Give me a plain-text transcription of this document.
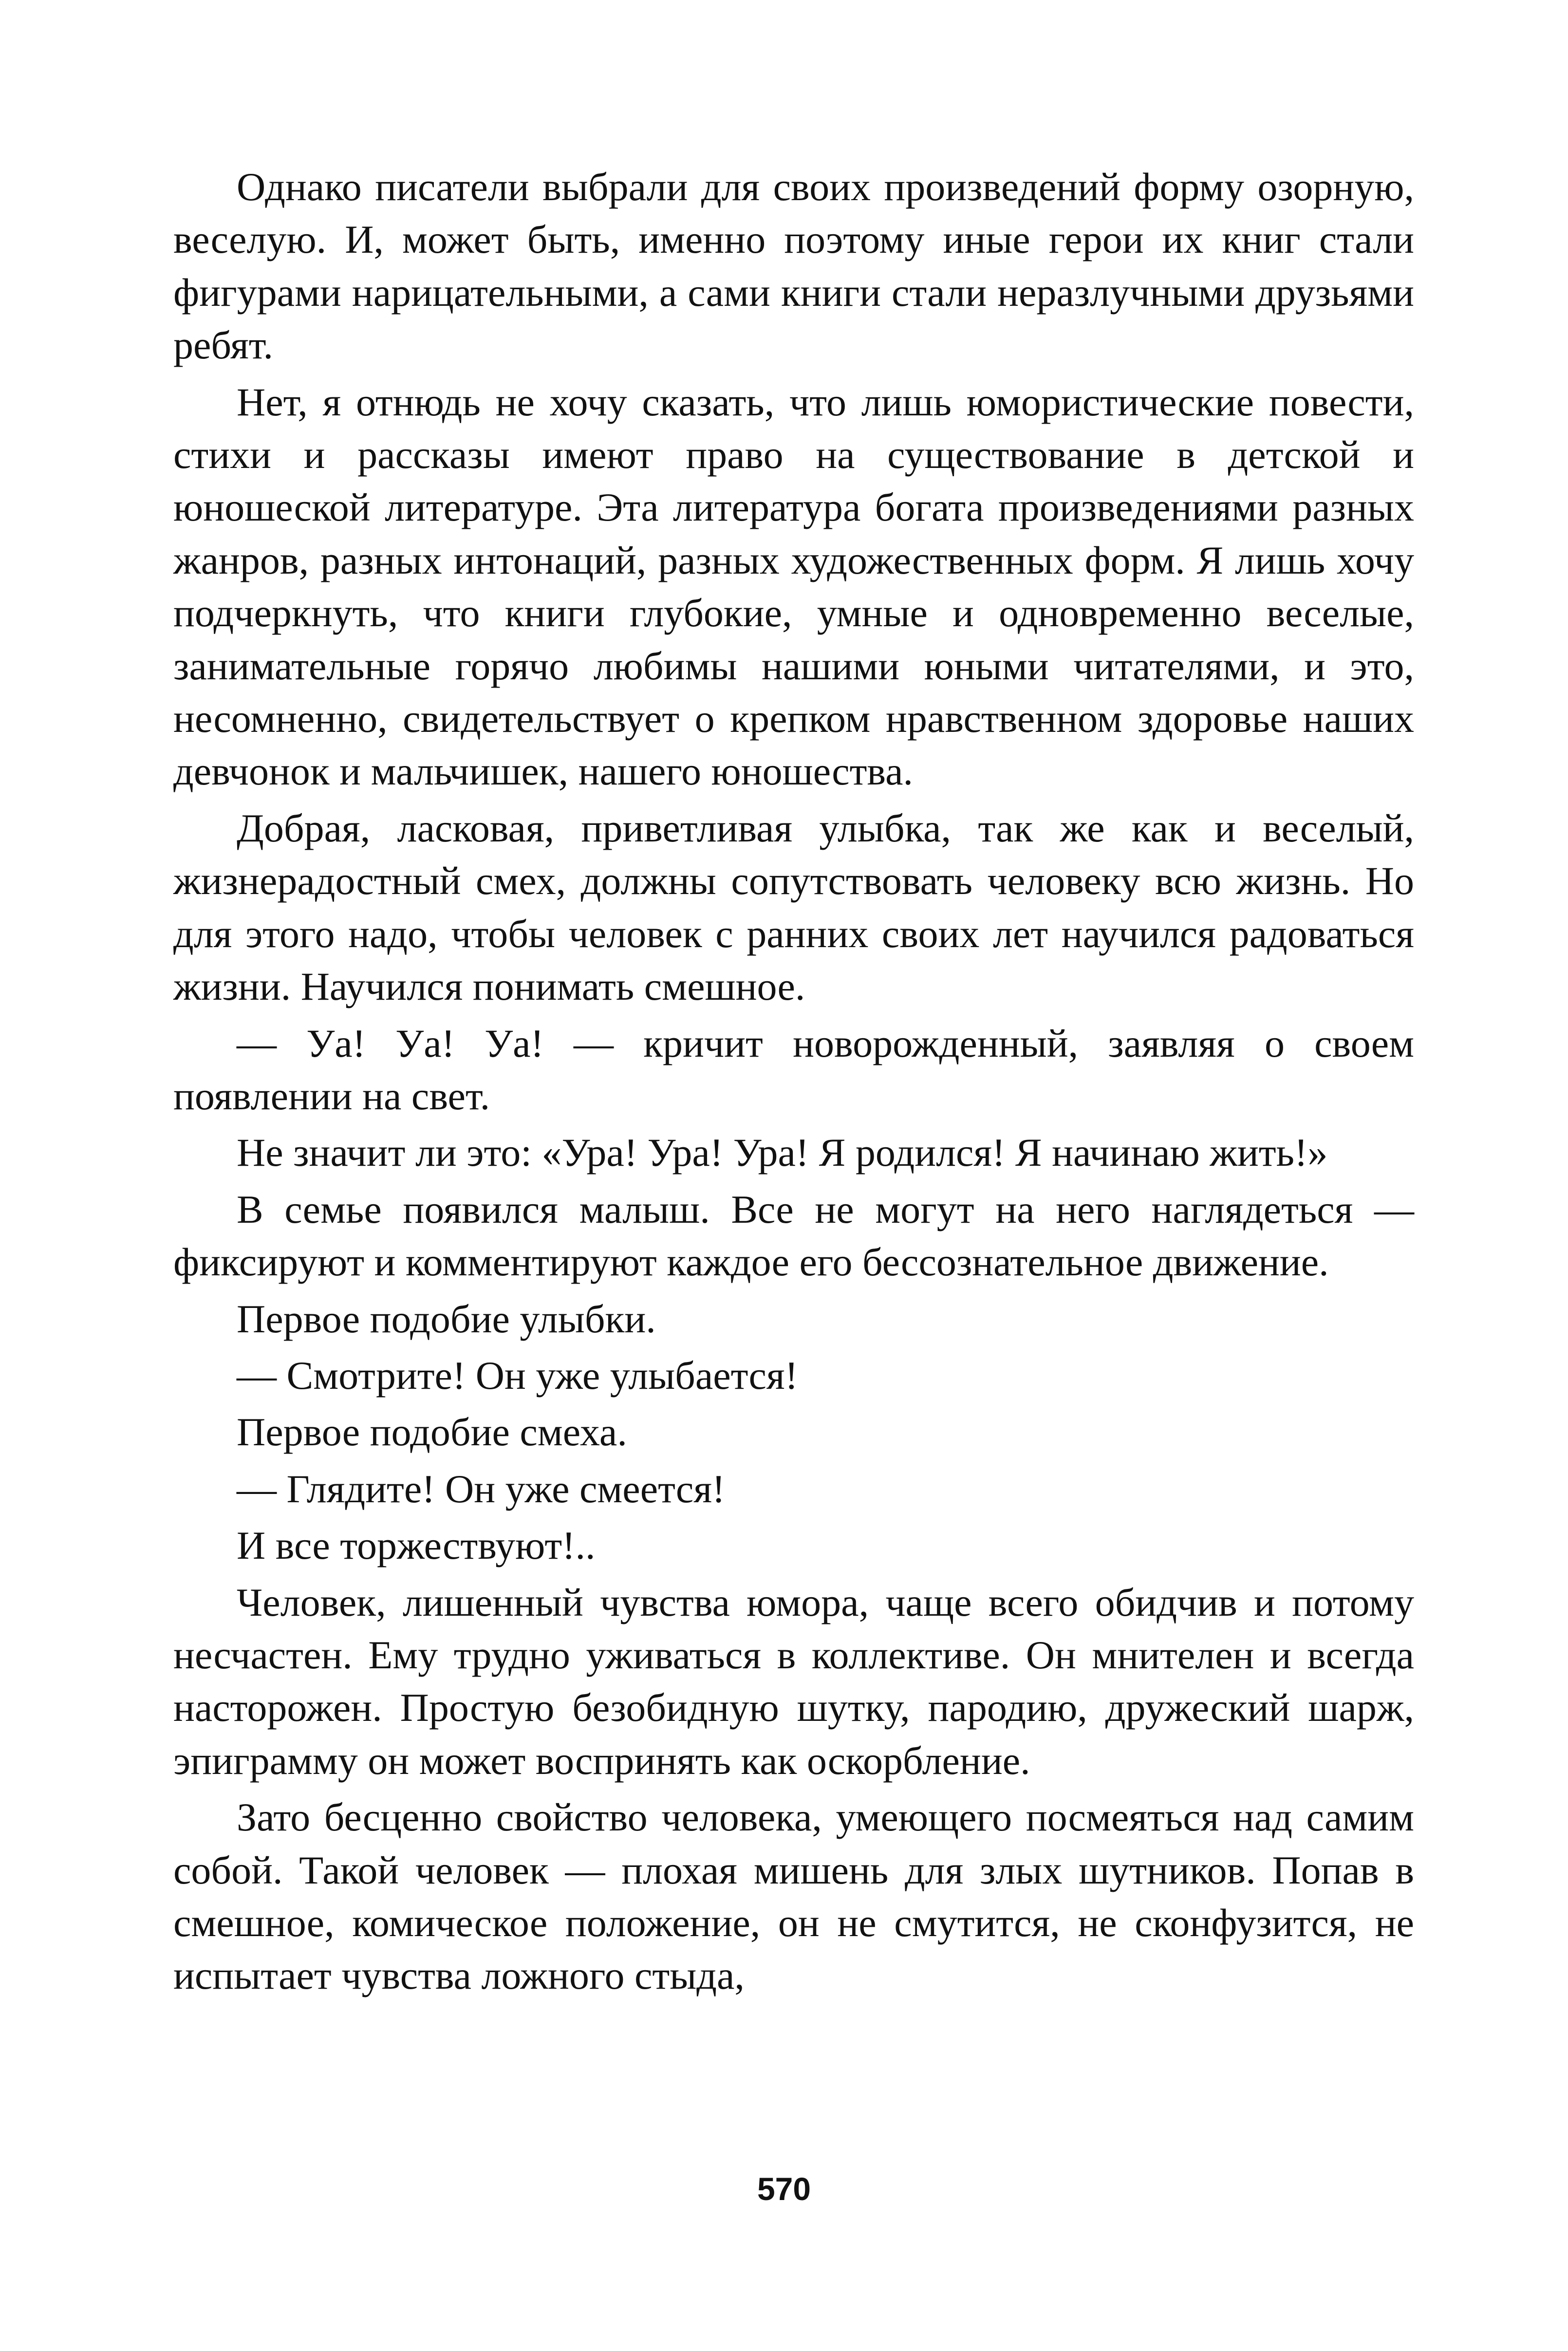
Однако писатели выбрали для своих произведений форму озорную, веселую. И, может быть, именно поэтому иные герои их книг стали фигурами нарицательными, а сами книги стали неразлучными друзьями ребят.

Нет, я отнюдь не хочу сказать, что лишь юмористические повести, стихи и рассказы имеют право на существование в детской и юношеской литературе. Эта литература богата произведениями разных жанров, разных интонаций, разных художественных форм. Я лишь хочу подчеркнуть, что книги глубокие, умные и одновременно веселые, занимательные горячо любимы нашими юными читателями, и это, несомненно, свидетельствует о крепком нравственном здоровье наших девчонок и мальчишек, нашего юношества.

Добрая, ласковая, приветливая улыбка, так же как и веселый, жизнерадостный смех, должны сопутствовать человеку всю жизнь. Но для этого надо, чтобы человек с ранних своих лет научился радоваться жизни. Научился понимать смешное.

— Уа! Уа! Уа! — кричит новорожденный, заявляя о своем появлении на свет.

Не значит ли это: «Ура! Ура! Ура! Я родился! Я начинаю жить!»

В семье появился малыш. Все не могут на него наглядеться — фиксируют и комментируют каждое его бессознательное движение.

Первое подобие улыбки.

— Смотрите! Он уже улыбается!

Первое подобие смеха.

— Глядите! Он уже смеется!

И все торжествуют!..

Человек, лишенный чувства юмора, чаще всего обидчив и потому несчастен. Ему трудно уживаться в коллективе. Он мнителен и всегда насторожен. Простую безобидную шутку, пародию, дружеский шарж, эпиграмму он может воспринять как оскорбление.

Зато бесценно свойство человека, умеющего посмеяться над самим собой. Такой человек — плохая мишень для злых шутников. Попав в смешное, комическое положение, он не смутится, не сконфузится, не испытает чувства ложного стыда,

570
